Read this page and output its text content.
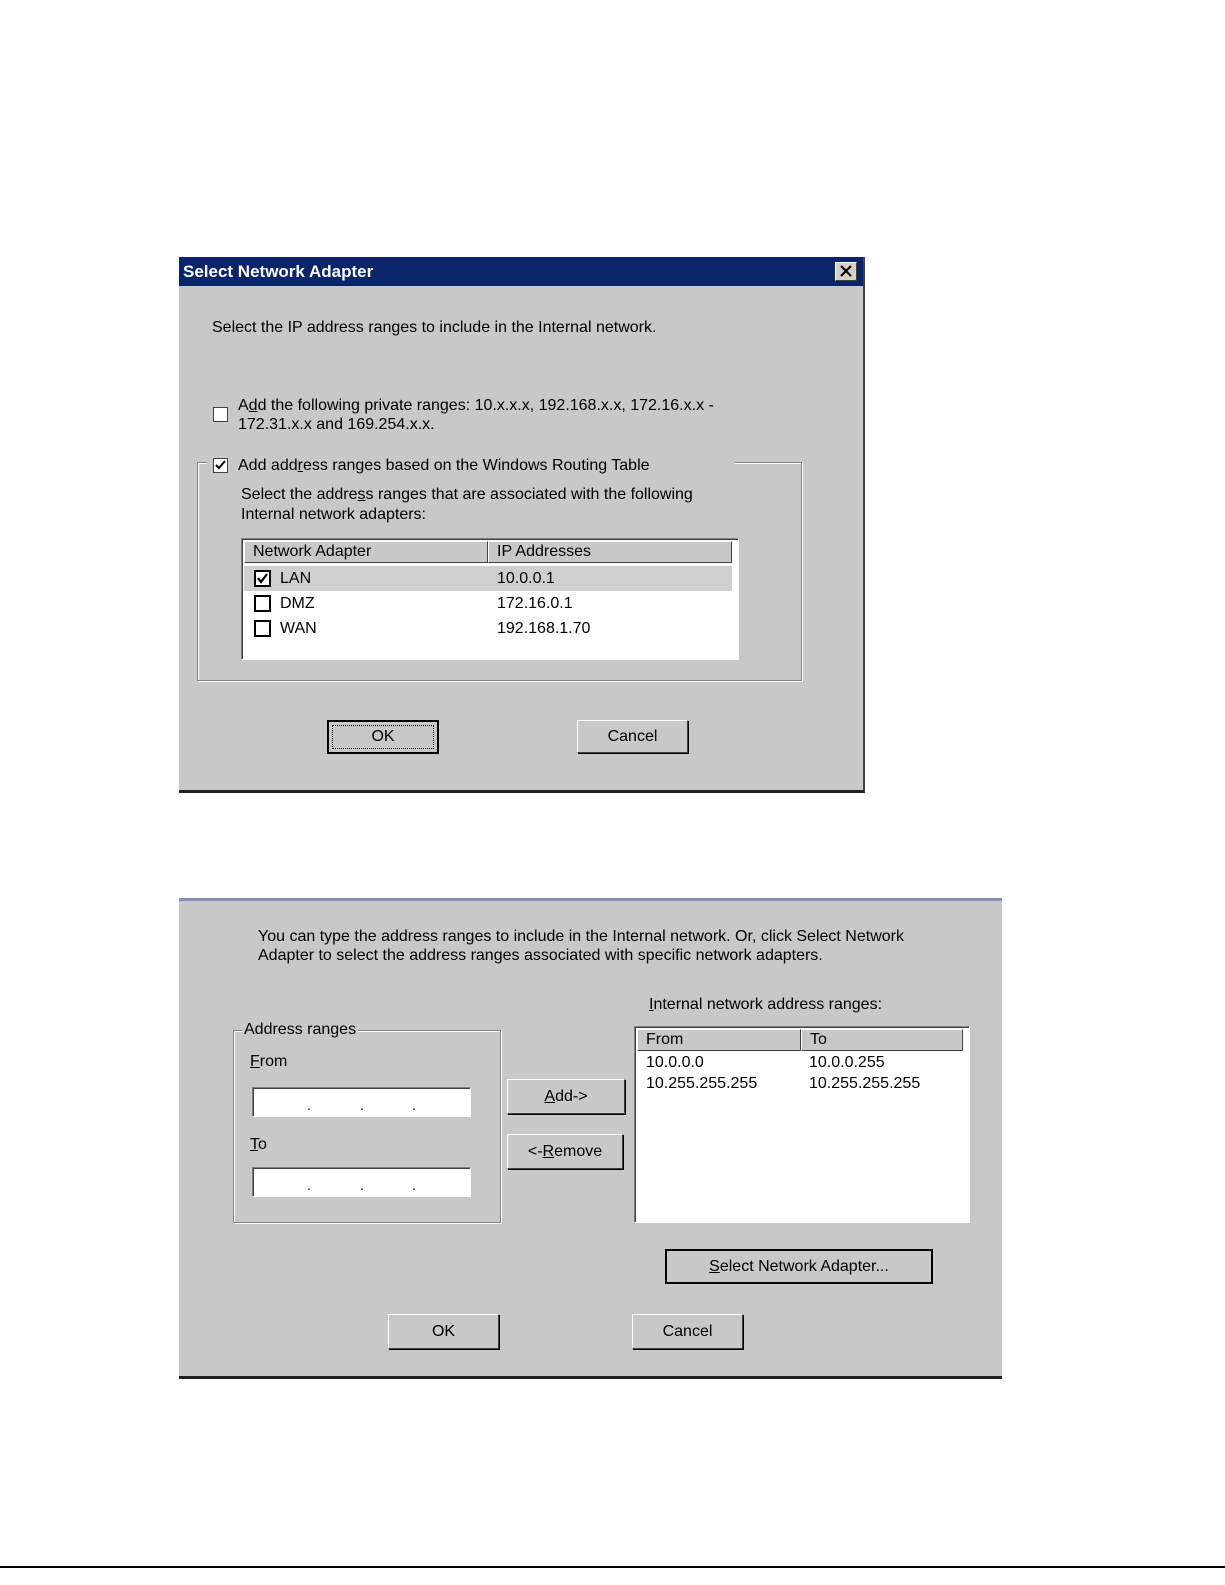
Select Network Adapter
Select the IP address ranges to include in the Internal network.
Add the following private ranges: 10.x.x.x, 192.168.x.x, 172.16.x.x -
172.31.x.x and 169.254.x.x.
Add address ranges based on the Windows Routing Table
Select the address ranges that are associated with the following
Internal network adapters:
Network Adapter	IP Addresses
LAN	10.0.0.1
DMZ	172.16.0.1
WAN	192.168.1.70
OK	Cancel
You can type the address ranges to include in the Internal network. Or, click Select Network
Adapter to select the address ranges associated with specific network adapters.
Address ranges
From
.	.	.
To
.	.	.
Add->
<-Remove
Internal network address ranges:
From	To
10.0.0.0	10.0.0.255
10.255.255.255	10.255.255.255
Select Network Adapter...
OK	Cancel
